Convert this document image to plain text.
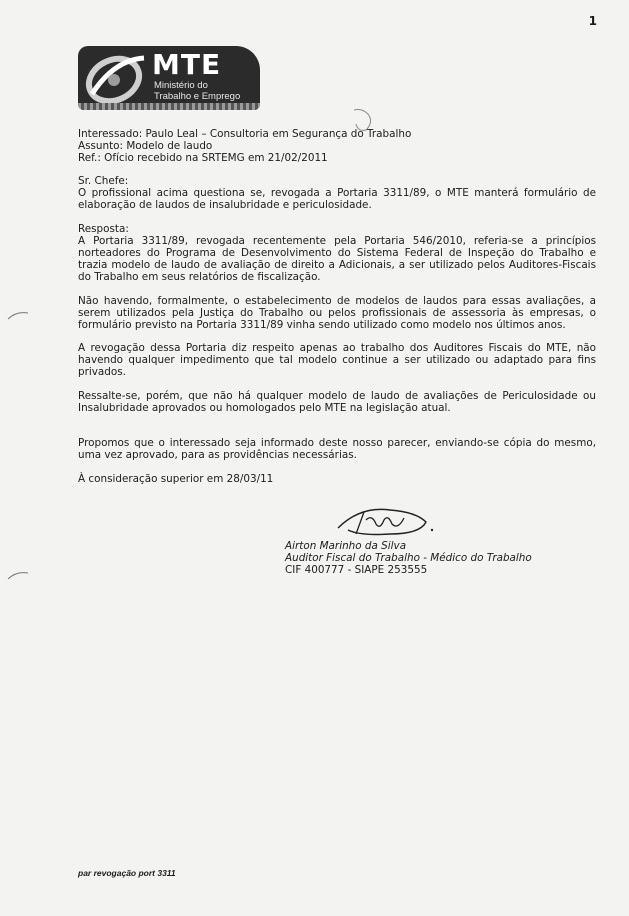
1
MTE
Ministério do
Trabalho e Emprego

Interessado: Paulo Leal – Consultoria em Segurança do Trabalho

Assunto: Modelo de laudo

Ref.: Ofício recebido na SRTEMG em 21/02/2011

Sr. Chefe:

O profissional acima questiona se, revogada a Portaria 3311/89, o MTE manterá formulário de elaboração de laudos de insalubridade e periculosidade.

Resposta:

A Portaria 3311/89, revogada recentemente pela Portaria 546/2010, referia-se a princípios norteadores do Programa de Desenvolvimento do Sistema Federal de Inspeção do Trabalho e trazia modelo de laudo de avaliação de direito a Adicionais, a ser utilizado pelos Auditores-Fiscais do Trabalho em seus relatórios de fiscalização.

Não havendo, formalmente, o estabelecimento de modelos de laudos para essas avaliações, a serem utilizados pela Justiça do Trabalho ou pelos profissionais de assessoria às empresas, o formulário previsto na Portaria 3311/89 vinha sendo utilizado como modelo nos últimos anos.

A revogação dessa Portaria diz respeito apenas ao trabalho dos Auditores Fiscais do MTE, não havendo qualquer impedimento que tal modelo continue a ser utilizado ou adaptado para fins privados.

Ressalte-se, porém, que não há qualquer modelo de laudo de avaliações de Periculosidade ou Insalubridade aprovados ou homologados pelo MTE na legislação atual.

Propomos que o interessado seja informado deste nosso parecer, enviando-se cópia do mesmo, uma vez aprovado, para as providências necessárias.

À consideração superior em 28/03/11

Airton Marinho da Silva
Auditor Fiscal do Trabalho - Médico do Trabalho
CIF 400777 - SIAPE 253555
par revogação port 3311
